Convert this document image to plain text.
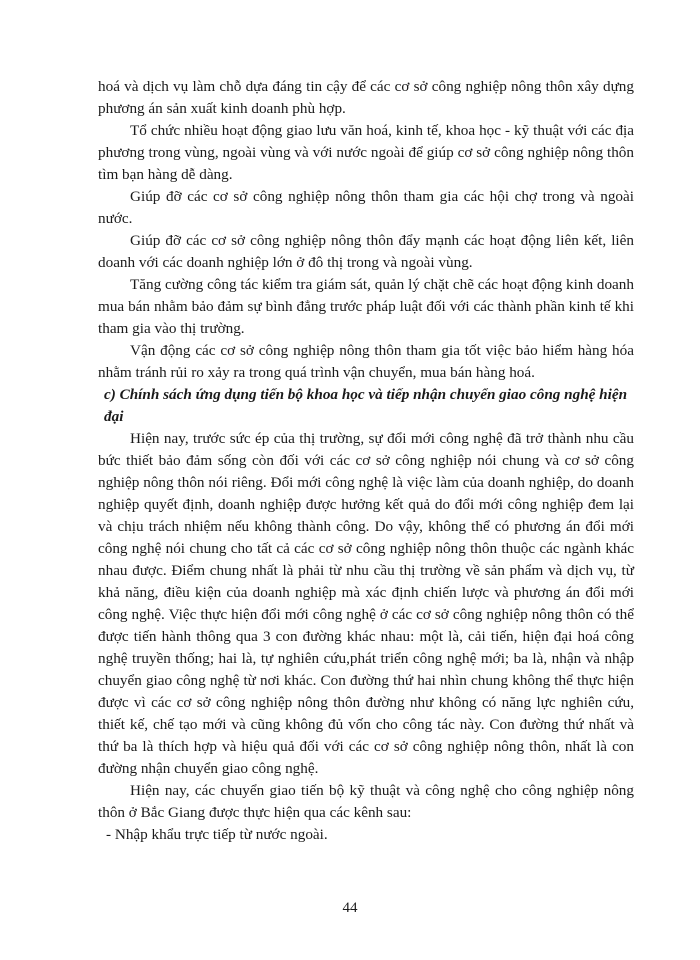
hoá và dịch vụ làm chỗ dựa đáng tin cậy để các cơ sở công nghiệp nông thôn xây dựng phương án sản xuất kinh doanh phù hợp.

Tổ chức nhiều hoạt động giao lưu văn hoá, kinh tế, khoa học - kỹ thuật với các địa phương trong vùng, ngoài vùng và với nước ngoài để giúp cơ sở công nghiệp nông thôn tìm bạn hàng dễ dàng.

Giúp đỡ các cơ sở công nghiệp nông thôn tham gia các hội chợ trong và ngoài nước.

Giúp đỡ các cơ sở công nghiệp nông thôn đẩy mạnh các hoạt động liên kết, liên doanh với các doanh nghiệp lớn ở đô thị trong và ngoài vùng.

Tăng cường công tác kiểm tra giám sát, quản lý chặt chẽ các hoạt động kinh doanh mua bán nhằm bảo đảm sự bình đẳng trước pháp luật đối với các thành phần kinh tế khi tham gia vào thị trường.

Vận động các cơ sở công nghiệp nông thôn tham gia tốt việc bảo hiểm hàng hóa nhằm tránh rủi ro xảy ra trong quá trình vận chuyển, mua bán hàng hoá.

c) Chính sách ứng dụng tiến bộ khoa học và tiếp nhận chuyển giao công nghệ hiện đại

Hiện nay, trước sức ép của thị trường, sự đổi mới công nghệ đã trở thành nhu cầu bức thiết bảo đảm sống còn đối với các cơ sở công nghiệp nói chung và cơ sở công nghiệp nông thôn nói riêng. Đổi mới công nghệ là việc làm của doanh nghiệp, do doanh nghiệp quyết định, doanh nghiệp được hưởng kết quả do đổi mới công nghiệp đem lại và chịu trách nhiệm nếu không thành công. Do vậy, không thể có phương án đổi mới công nghệ nói chung cho tất cả các cơ sở công nghiệp nông thôn thuộc các ngành khác nhau được. Điểm chung nhất là phải từ nhu cầu thị trường về sản phẩm và dịch vụ, từ khả năng, điều kiện của doanh nghiệp mà xác định chiến lược và phương án đổi mới công nghệ. Việc thực hiện đổi mới công nghệ ở các cơ sở công nghiệp nông thôn có thể được tiến hành thông qua 3 con đường khác nhau: một là, cải tiến, hiện đại hoá công nghệ truyền thống; hai là, tự nghiên cứu,phát triển công nghệ mới; ba là, nhận và nhập chuyển giao công nghệ từ nơi khác. Con đường thứ hai nhìn chung không thể thực hiện được vì các cơ sở công nghiệp nông thôn đường như không có năng lực nghiên cứu, thiết kế, chế tạo mới và cũng không đủ vốn cho công tác này. Con đường thứ nhất và thứ ba là thích hợp và hiệu quả đối với các cơ sở công nghiệp nông thôn, nhất là con đường nhận chuyển giao công nghệ.

Hiện nay, các chuyển giao tiến bộ kỹ thuật và công nghệ cho công nghiệp nông thôn ở Bắc Giang được thực hiện qua các kênh sau:

- Nhập khẩu trực tiếp từ nước ngoài.

44
